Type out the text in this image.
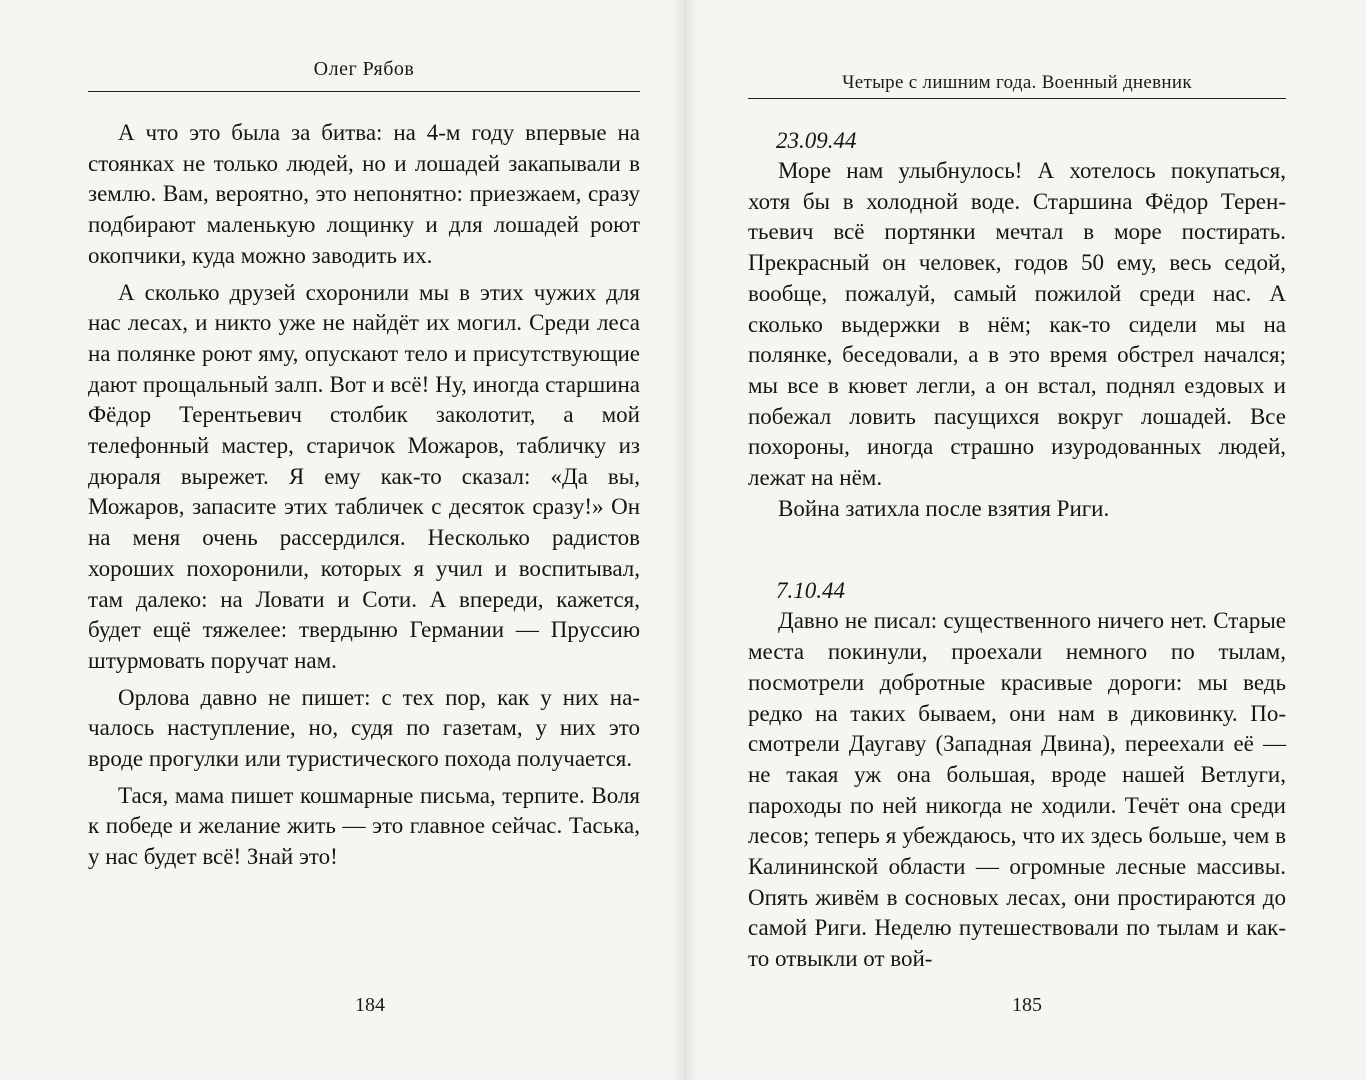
Олег Рябов

А что это была за битва: на 4-м году впервые на стоянках не только людей, но и лошадей закапывали в землю. Вам, вероятно, это непонятно: приезжаем, сразу подбирают маленькую лощинку и для лошадей роют окопчики, куда можно заводить их.

А сколько друзей схоронили мы в этих чужих для нас лесах, и никто уже не найдёт их могил. Среди леса на полянке роют яму, опускают тело и присутствующие дают прощальный залп. Вот и всё! Ну, иногда старшина Фёдор Терентьевич столбик заколотит, а мой телефонный мастер, старичок Можаров, табличку из дюраля вырежет. Я ему как-то сказал: «Да вы, Можаров, запасите этих табличек с десяток сразу!» Он на меня очень рассердился. Несколько радистов хороших похоронили, которых я учил и воспитывал, там далеко: на Ловати и Соти. А впереди, кажется, будет ещё тяжелее: твердыню Германии — Пруссию штурмовать поручат нам.

Орлова давно не пишет: с тех пор, как у них началось наступление, но, судя по газетам, у них это вроде прогулки или туристического похода получается.

Тася, мама пишет кошмарные письма, терпите. Воля к победе и желание жить — это главное сейчас. Таська, у нас будет всё! Знай это!

184
Четыре с лишним года. Военный дневник
23.09.44

Море нам улыбнулось! А хотелось покупаться, хотя бы в холодной воде. Старшина Фёдор Терентьевич всё портянки мечтал в море постирать. Прекрасный он человек, годов 50 ему, весь седой, вообще, пожалуй, самый пожилой среди нас. А сколько выдержки в нём; как-то сидели мы на полянке, беседовали, а в это время обстрел начался; мы все в кювет легли, а он встал, поднял ездовых и побежал ловить пасущихся вокруг лошадей. Все похороны, иногда страшно изуродованных людей, лежат на нём.

Война затихла после взятия Риги.

7.10.44

Давно не писал: существенного ничего нет. Старые места покинули, проехали немного по тылам, посмотрели добротные красивые дороги: мы ведь редко на таких бываем, они нам в диковинку. Посмотрели Даугаву (Западная Двина), переехали её — не такая уж она большая, вроде нашей Ветлуги, пароходы по ней никогда не ходили. Течёт она среди лесов; теперь я убеждаюсь, что их здесь больше, чем в Калининской области — огромные лесные массивы. Опять живём в сосновых лесах, они простираются до самой Риги. Неделю путешествовали по тылам и как-то отвыкли от вой-

185
